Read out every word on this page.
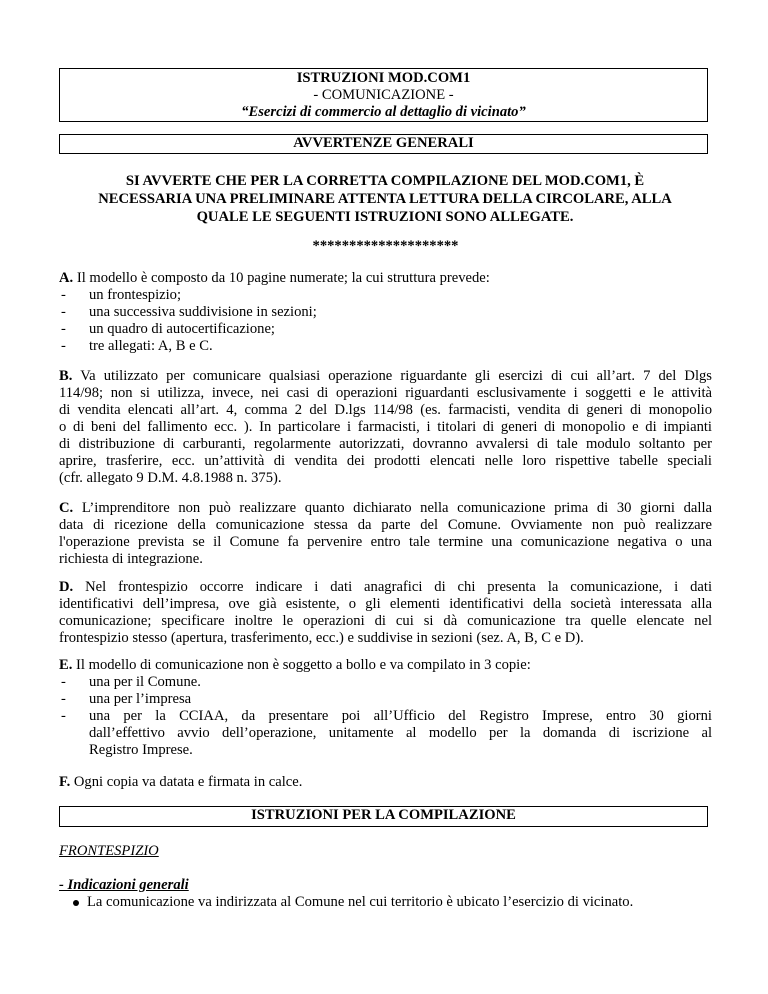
ISTRUZIONI MOD.COM1
- COMUNICAZIONE -
“Esercizi di commercio al dettaglio di vicinato”
AVVERTENZE GENERALI
SI AVVERTE CHE PER LA CORRETTA COMPILAZIONE DEL MOD.COM1, È
NECESSARIA UNA PRELIMINARE ATTENTA LETTURA DELLA CIRCOLARE, ALLA
QUALE LE SEGUENTI ISTRUZIONI SONO ALLEGATE.
********************
A. Il modello è composto da 10 pagine numerate; la cui struttura prevede:
- un frontespizio;
- una successiva suddivisione in sezioni;
- un quadro di autocertificazione;
- tre allegati: A, B e C.
B. Va utilizzato per comunicare qualsiasi operazione riguardante gli esercizi di cui all’art. 7 del Dlgs
114/98; non si utilizza, invece, nei casi di operazioni riguardanti esclusivamente i soggetti e le attività
di vendita elencati all’art. 4, comma 2 del D.lgs 114/98 (es. farmacisti, vendita di generi di monopolio
o di beni del fallimento ecc. ). In particolare i farmacisti, i titolari di generi di monopolio e di impianti
di distribuzione di carburanti, regolarmente autorizzati, dovranno avvalersi di tale modulo soltanto per
aprire, trasferire, ecc. un’attività di vendita dei prodotti elencati nelle loro rispettive tabelle speciali
(cfr. allegato 9 D.M. 4.8.1988 n. 375).
C. L’imprenditore non può realizzare quanto dichiarato nella comunicazione prima di 30 giorni dalla
data di ricezione della comunicazione stessa da parte del Comune. Ovviamente non può realizzare
l'operazione prevista se il Comune fa pervenire entro tale termine una comunicazione negativa o una
richiesta di integrazione.
D. Nel frontespizio occorre indicare i dati anagrafici di chi presenta la comunicazione, i dati
identificativi dell’impresa, ove già esistente, o gli elementi identificativi della società interessata alla
comunicazione; specificare inoltre le operazioni di cui si dà comunicazione tra quelle elencate nel
frontespizio stesso (apertura, trasferimento, ecc.) e suddivise in sezioni (sez. A, B, C e D).
E. Il modello di comunicazione non è soggetto a bollo e va compilato in 3 copie:
- una per il Comune.
- una per l’impresa
- una per la CCIAA, da presentare poi all’Ufficio del Registro Imprese, entro 30 giorni
dall’effettivo avvio dell’operazione, unitamente al modello per la domanda di iscrizione al
Registro Imprese.
F. Ogni copia va datata e firmata in calce.
ISTRUZIONI PER LA COMPILAZIONE
FRONTESPIZIO
- Indicazioni generali
La comunicazione va indirizzata al Comune nel cui territorio è ubicato l’esercizio di vicinato.
